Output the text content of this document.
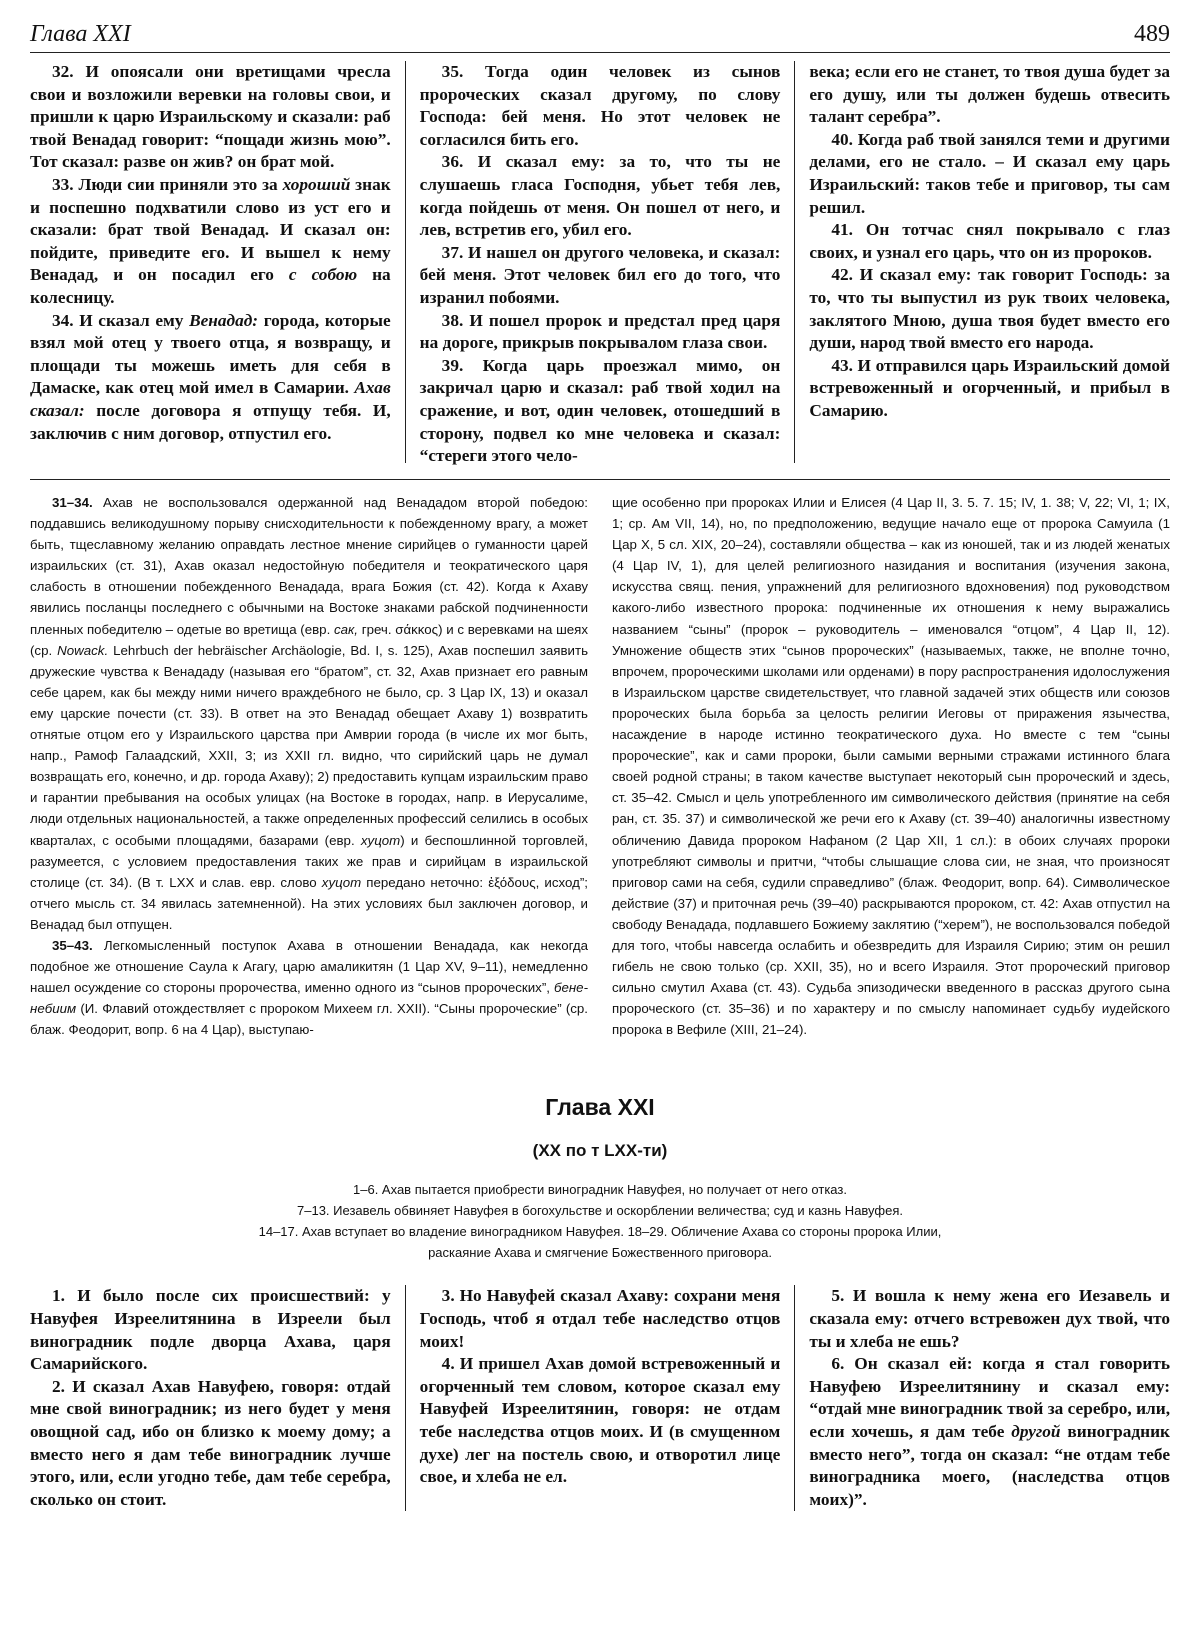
Глава XXI	489

32. И опоясали они вретищами чресла свои и возложили веревки на головы свои, и пришли к царю Израильскому и сказали: раб твой Венадад говорит: “пощади жизнь мою”. Тот сказал: разве он жив? он брат мой.

33. Люди сии приняли это за хороший знак и поспешно подхватили слово из уст его и сказали: брат твой Венадад. И сказал он: пойдите, приведите его. И вышел к нему Венадад, и он посадил его с собою на колесницу.

34. И сказал ему Венадад: города, которые взял мой отец у твоего отца, я возвращу, и площади ты можешь иметь для себя в Дамаске, как отец мой имел в Самарии. Ахав сказал: после договора я отпущу тебя. И, заключив с ним договор, отпустил его.

35. Тогда один человек из сынов пророческих сказал другому, по слову Господа: бей меня. Но этот человек не согласился бить его.

36. И сказал ему: за то, что ты не слушаешь гласа Господня, убьет тебя лев, когда пойдешь от меня. Он пошел от него, и лев, встретив его, убил его.

37. И нашел он другого человека, и сказал: бей меня. Этот человек бил его до того, что изранил побоями.

38. И пошел пророк и предстал пред царя на дороге, прикрыв покрывалом глаза свои.

39. Когда царь проезжал мимо, он закричал царю и сказал: раб твой ходил на сражение, и вот, один человек, отошедший в сторону, подвел ко мне человека и сказал: “стереги этого чело-

века; если его не станет, то твоя душа будет за его душу, или ты должен будешь отвесить талант серебра”.

40. Когда раб твой занялся теми и другими делами, его не стало. – И сказал ему царь Израильский: таков тебе и приговор, ты сам решил.

41. Он тотчас снял покрывало с глаз своих, и узнал его царь, что он из пророков.

42. И сказал ему: так говорит Господь: за то, что ты выпустил из рук твоих человека, заклятого Мною, душа твоя будет вместо его души, народ твой вместо его народа.

43. И отправился царь Израильский домой встревоженный и огорченный, и прибыл в Самарию.

31–34. Ахав не воспользовался одержанной над Венададом второй победою: поддавшись великодушному порыву снисходительности к побежденному врагу, а может быть, тщеславному желанию оправдать лестное мнение сирийцев о гуманности царей израильских (ст. 31), Ахав оказал недостойную победителя и теократического царя слабость в отношении побежденного Венадада, врага Божия (ст. 42). Когда к Ахаву явились посланцы последнего с обычными на Востоке знаками рабской подчиненности пленных победителю – одетые во вретища (евр. сак, греч. σάκκος) и с веревками на шеях (ср. Nowack. Lehrbuch der hebräischer Archäologie, Bd. I, s. 125), Ахав поспешил заявить дружеские чувства к Венададу (называя его “братом”, ст. 32, Ахав признает его равным себе царем, как бы между ними ничего враждебного не было, ср. 3 Цар IX, 13) и оказал ему царские почести (ст. 33). В ответ на это Венадад обещает Ахаву 1) возвратить отнятые отцом его у Израильского царства при Амврии города (в числе их мог быть, напр., Рамоф Галаадский, XXII, 3; из XXII гл. видно, что сирийский царь не думал возвращать его, конечно, и др. города Ахаву); 2) предоставить купцам израильским право и гарантии пребывания на особых улицах (на Востоке в городах, напр. в Иерусалиме, люди отдельных национальностей, а также определенных профессий селились в особых кварталах, с особыми площадями, базарами (евр. хуцот) и беспошлинной торговлей, разумеется, с условием предоставления таких же прав и сирийцам в израильской столице (ст. 34). (В т. LXX и слав. евр. слово хуцот передано неточно: ἐξόδους, исход”; отчего мысль ст. 34 явилась затемненной). На этих условиях был заключен договор, и Венадад был отпущен.

35–43. Легкомысленный поступок Ахава в отношении Венадада, как некогда подобное же отношение Саула к Агагу, царю амаликитян (1 Цар XV, 9–11), немедленно нашел осуждение со стороны пророчества, именно одного из “сынов пророческих”, бене-небиим (И. Флавий отождествляет с пророком Михеем гл. XXII). “Сыны пророческие” (ср. блаж. Феодорит, вопр. 6 на 4 Цар), выступаю-

щие особенно при пророках Илии и Елисея (4 Цар II, 3. 5. 7. 15; IV, 1. 38; V, 22; VI, 1; IX, 1; ср. Ам VII, 14), но, по предположению, ведущие начало еще от пророка Самуила (1 Цар X, 5 сл. XIX, 20–24), составляли общества – как из юношей, так и из людей женатых (4 Цар IV, 1), для целей религиозного назидания и воспитания (изучения закона, искусства свящ. пения, упражнений для религиозного вдохновения) под руководством какого-либо известного пророка: подчиненные их отношения к нему выражались названием “сыны” (пророк – руководитель – именовался “отцом”, 4 Цар II, 12). Умножение обществ этих “сынов пророческих” (называемых, также, не вполне точно, впрочем, пророческими школами или орденами) в пору распространения идолослужения в Израильском царстве свидетельствует, что главной задачей этих обществ или союзов пророческих была борьба за целость религии Иеговы от приражения язычества, насаждение в народе истинно теократического духа. Но вместе с тем “сыны пророческие”, как и сами пророки, были самыми верными стражами истинного блага своей родной страны; в таком качестве выступает некоторый сын пророческий и здесь, ст. 35–42. Смысл и цель употребленного им символического действия (принятие на себя ран, ст. 35. 37) и символической же речи его к Ахаву (ст. 39–40) аналогичны известному обличению Давида пророком Нафаном (2 Цар XII, 1 сл.): в обоих случаях пророки употребляют символы и притчи, “чтобы слышащие слова сии, не зная, что произносят приговор сами на себя, судили справедливо” (блаж. Феодорит, вопр. 64). Символическое действие (37) и приточная речь (39–40) раскрываются пророком, ст. 42: Ахав отпустил на свободу Венадада, подлавшего Божиему заклятию (“херем”), не воспользовался победой для того, чтобы навсегда ослабить и обезвредить для Израиля Сирию; этим он решил гибель не свою только (ср. XXII, 35), но и всего Израиля. Этот пророческий приговор сильно смутил Ахава (ст. 43). Судьба эпизодически введенного в рассказ другого сына пророческого (ст. 35–36) и по характеру и по смыслу напоминает судьбу иудейского пророка в Вефиле (XIII, 21–24).

Глава XXI
(XX по т LXX-ти)
1–6. Ахав пытается приобрести виноградник Навуфея, но получает от него отказ.
7–13. Иезавель обвиняет Навуфея в богохульстве и оскорблении величества; суд и казнь Навуфея.
14–17. Ахав вступает во владение виноградником Навуфея. 18–29. Обличение Ахава со стороны пророка Илии,
раскаяние Ахава и смягчение Божественного приговора.

1. И было после сих происшествий: у Навуфея Изреелитянина в Изреели был виноградник подле дворца Ахава, царя Самарийского.

2. И сказал Ахав Навуфею, говоря: отдай мне свой виноградник; из него будет у меня овощной сад, ибо он близко к моему дому; а вместо него я дам тебе виноградник лучше этого, или, если угодно тебе, дам тебе серебра, сколько он стоит.

3. Но Навуфей сказал Ахаву: сохрани меня Господь, чтоб я отдал тебе наследство отцов моих!

4. И пришел Ахав домой встревоженный и огорченный тем словом, которое сказал ему Навуфей Изреелитянин, говоря: не отдам тебе наследства отцов моих. И (в смущенном духе) лег на постель свою, и отворотил лице свое, и хлеба не ел.

5. И вошла к нему жена его Иезавель и сказала ему: отчего встревожен дух твой, что ты и хлеба не ешь?

6. Он сказал ей: когда я стал говорить Навуфею Изреелитянину и сказал ему: “отдай мне виноградник твой за серебро, или, если хочешь, я дам тебе другой виноградник вместо него”, тогда он сказал: “не отдам тебе виноградника моего, (наследства отцов моих)”.
